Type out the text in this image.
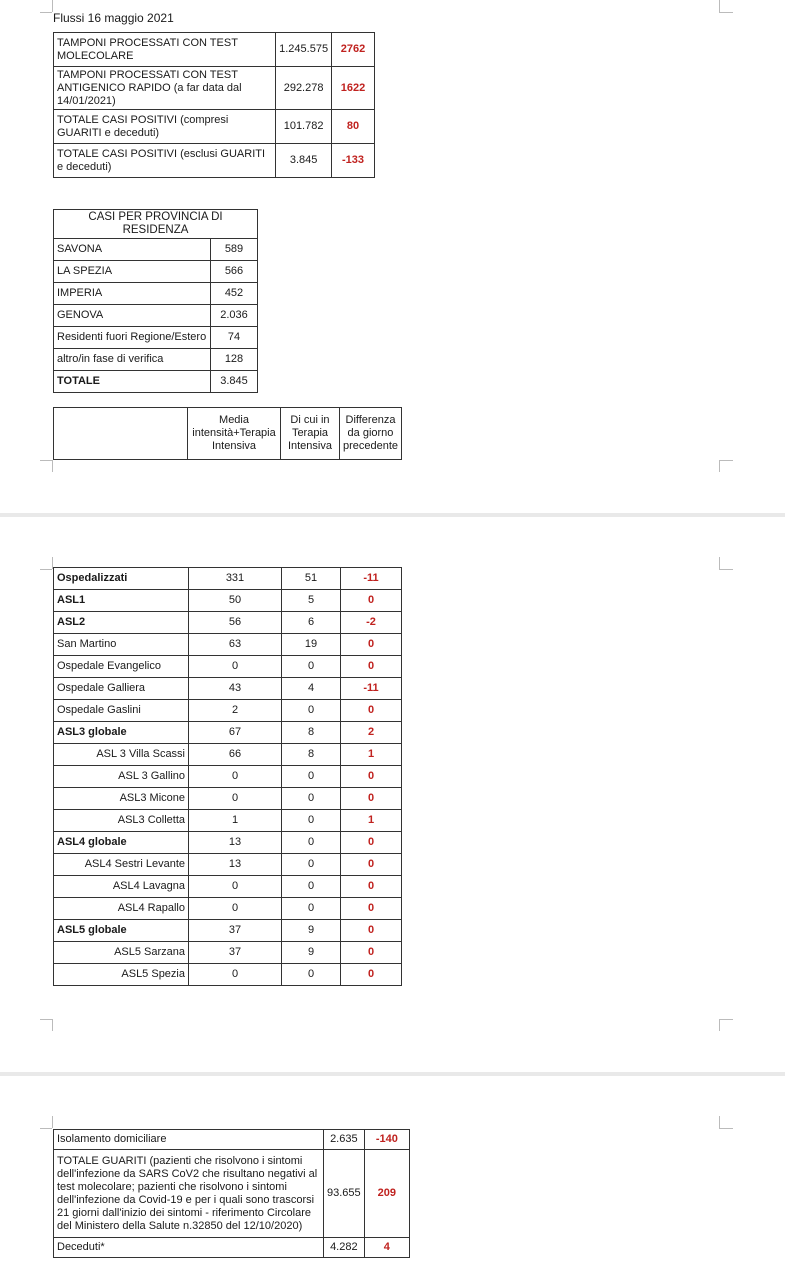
Flussi 16 maggio 2021
TAMPONI PROCESSATI CON TEST MOLECOLARE	1.245.575	2762
TAMPONI PROCESSATI CON TEST ANTIGENICO RAPIDO (a far data dal 14/01/2021)	292.278	1622
TOTALE CASI POSITIVI (compresi GUARITI e deceduti)	101.782	80
TOTALE CASI POSITIVI (esclusi GUARITI e deceduti)	3.845	-133
CASI PER PROVINCIA DI RESIDENZA	
SAVONA	589
LA SPEZIA	566
IMPERIA	452
GENOVA	2.036
Residenti fuori Regione/Estero	74
altro/in fase di verifica	128
TOTALE	3.845
	Media intensità+Terapia Intensiva	Di cui in Terapia Intensiva	Differenza da giorno precedente
Ospedalizzati	331	51	-11
ASL1	50	5	0
ASL2	56	6	-2
San Martino	63	19	0
Ospedale Evangelico	0	0	0
Ospedale Galliera	43	4	-11
Ospedale Gaslini	2	0	0
ASL3 globale	67	8	2
ASL 3 Villa Scassi	66	8	1
ASL 3 Gallino	0	0	0
ASL3 Micone	0	0	0
ASL3 Colletta	1	0	1
ASL4 globale	13	0	0
ASL4 Sestri Levante	13	0	0
ASL4 Lavagna	0	0	0
ASL4 Rapallo	0	0	0
ASL5 globale	37	9	0
ASL5 Sarzana	37	9	0
ASL5 Spezia	0	0	0
Isolamento domiciliare	2.635	-140
TOTALE GUARITI (pazienti che risolvono i sintomi dell'infezione da SARS CoV2 che risultano negativi al test molecolare; pazienti che risolvono i sintomi dell'infezione da Covid-19 e per i quali sono trascorsi 21 giorni dall'inizio dei sintomi - riferimento Circolare del Ministero della Salute n.32850 del 12/10/2020)	93.655	209
Deceduti*	4.282	4
